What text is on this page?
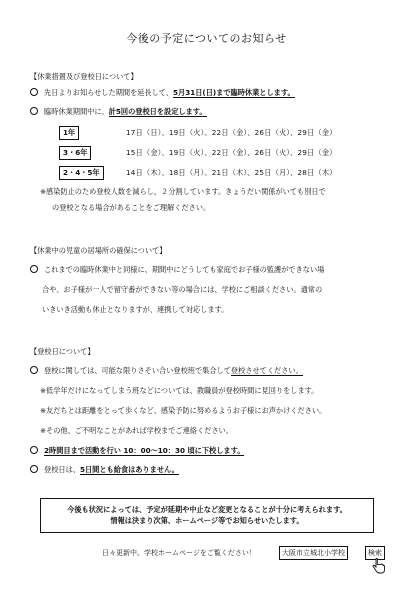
今後の予定についてのお知らせ
【休業措置及び登校日について】
先日よりお知らせした期間を延長して、5月31日(日)まで臨時休業とします。
臨時休業期間中に、計5回の登校日を設定します。
1年	17日（日）、19日（火）、22日（金）、26日（火）、29日（金）
3・6年	15日（金）、19日（火）、22日（金）、26日（火）、29日（金）
2・4・5年	14日（木）、18日（月）、21日（木）、25日（月）、28日（木）
※感染防止のため登校人数を減らし，２分割しています。きょうだい関係がいても別日で
の登校となる場合があることをご理解ください。
【休業中の児童の居場所の確保について】
これまでの臨時休業中と同様に、期間中にどうしても家庭でお子様の監護ができない場
合や、お子様が一人で留守番ができない等の場合には、学校にご相談ください。通常の
いきいき活動も休止となりますが、連携して対応します。
【登校日について】
登校に関しては、可能な限りさそい合い登校班で集合して登校させてください。
※低学年だけになってしまう班などについては、教職員が登校時間に見回りをします。
※友だちとは距離をとって歩くなど、感染予防に努めるようお子様にお声かけください。
※その他、ご不明なことがあれば学校までご連絡ください。
2時間目まで活動を行い 10：00～10：30 頃に下校します。
登校日は、5日間とも給食はありません。
今後も状況によっては、予定が延期や中止など変更となることが十分に考えられます。
情報は決まり次第、ホームページ等でお知らせいたします。
日々更新中。学校ホームページをご覧ください！	大阪市立城北小学校	検索
